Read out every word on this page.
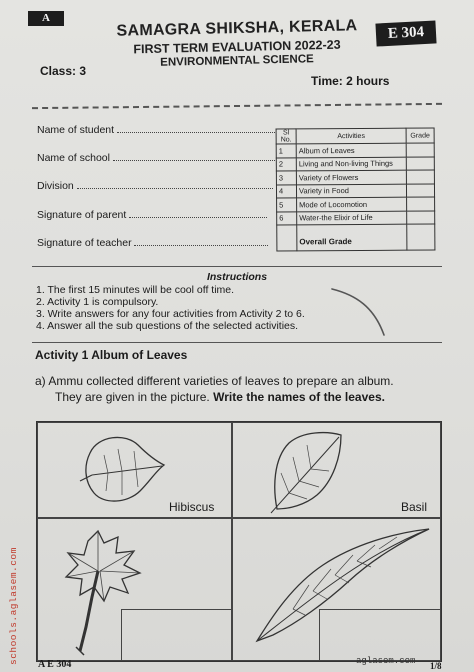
A
E 304
SAMAGRA SHIKSHA, KERALA
FIRST TERM EVALUATION 2022-23
ENVIRONMENTAL SCIENCE
Class: 3
Time: 2 hours
Name of student
Name of school
Division
Signature of parent
Signature of teacher
Sl No.	Activities	Grade
1	Album of Leaves	
2	Living and Non-living Things	
3	Variety of Flowers	
4	Variety in Food	
5	Mode of Locomotion	
6	Water-the Elixir of Life	
	Overall Grade	
Instructions
1. The first 15 minutes will be cool off time.
2. Activity 1 is compulsory.
3. Write answers for any four activities from Activity 2 to 6.
4. Answer all the sub questions of the selected activities.
Activity 1 Album of Leaves
a) Ammu collected different varieties of leaves to prepare an album.
They are given in the picture. Write the names of the leaves.
Hibiscus	Basil
schools.aglasem.com	A E 304	aglasem.com 1/8
